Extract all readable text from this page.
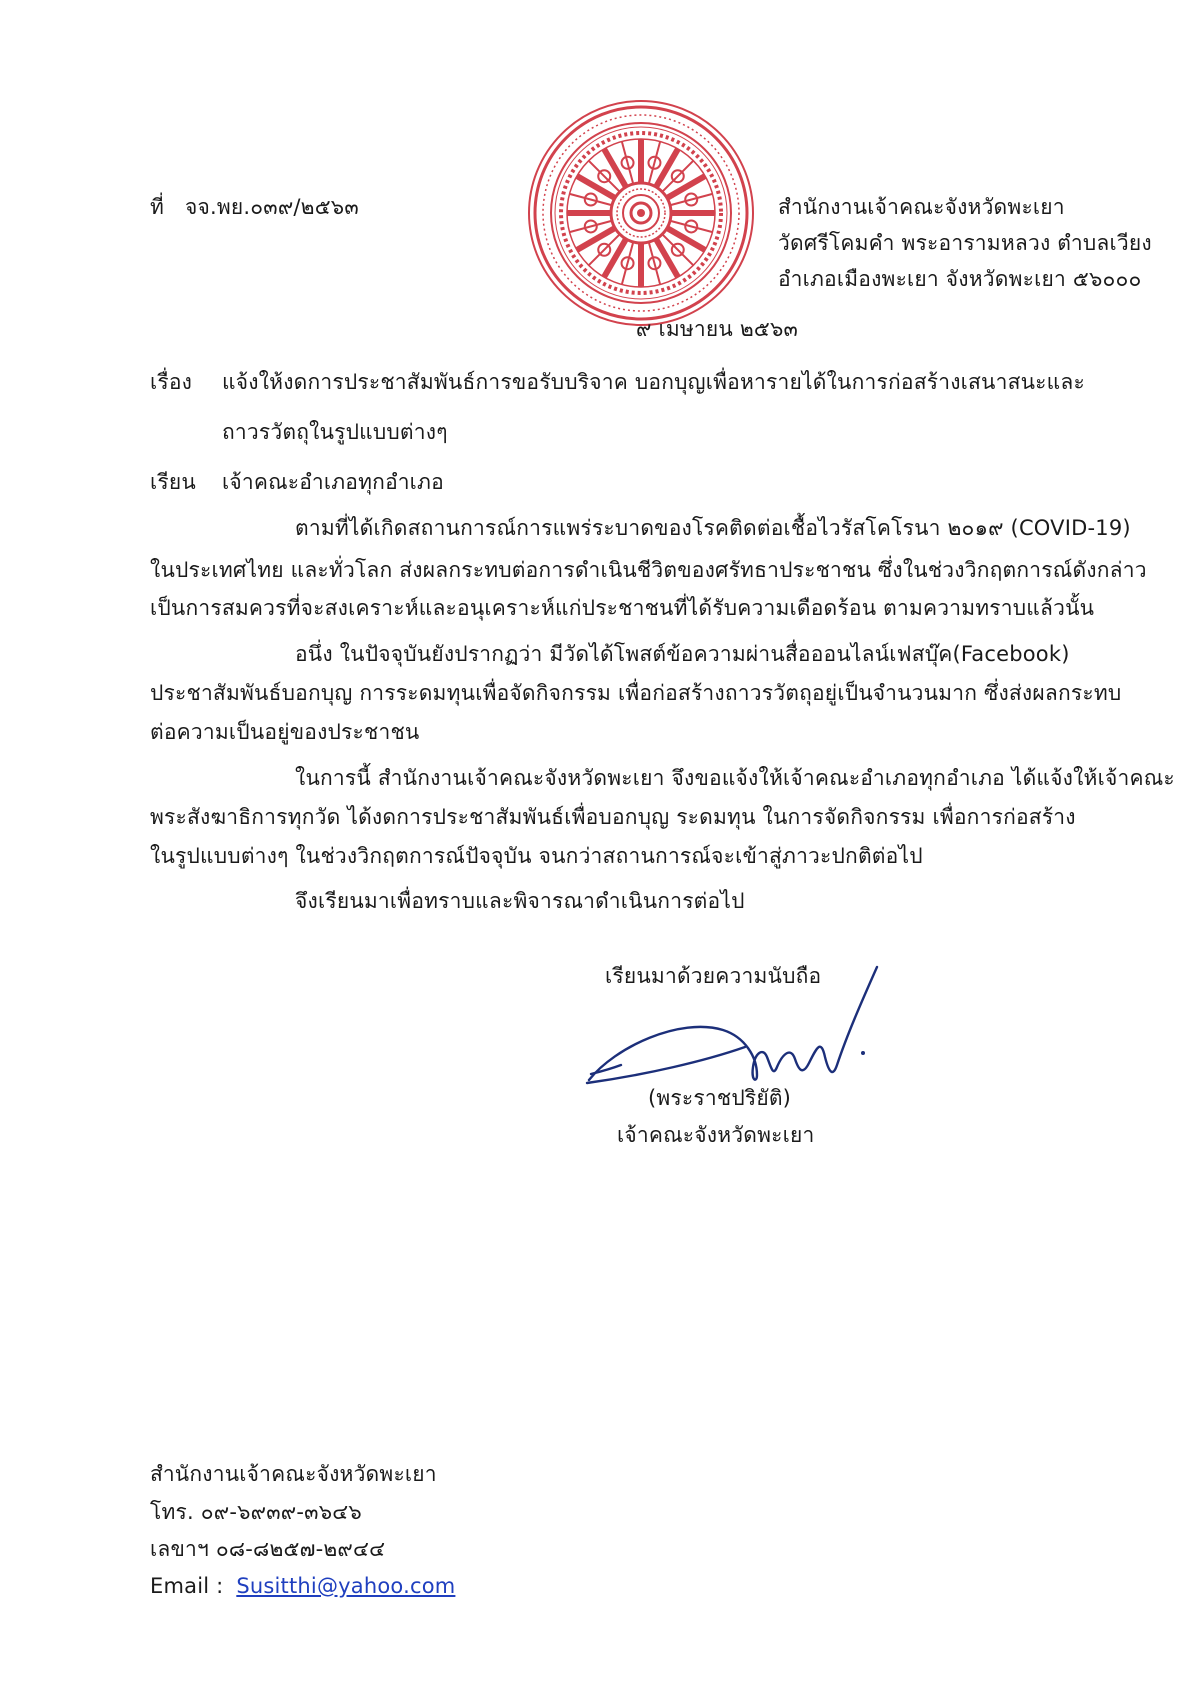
ที่ จจ.พย.๐๓๙/๒๕๖๓	สำนักงานเจ้าคณะจังหวัดพะเยา
วัดศรีโคมคำ พระอารามหลวง ตำบลเวียง
อำเภอเมืองพะเยา จังหวัดพะเยา ๕๖๐๐๐
๙ เมษายน ๒๕๖๓
เรื่อง แจ้งให้งดการประชาสัมพันธ์การขอรับบริจาค บอกบุญเพื่อหารายได้ในการก่อสร้างเสนาสนะและ
ถาวรวัตถุในรูปแบบต่างๆ
เรียน เจ้าคณะอำเภอทุกอำเภอ
ตามที่ได้เกิดสถานการณ์การแพร่ระบาดของโรคติดต่อเชื้อไวรัสโคโรนา ๒๐๑๙ (COVID-19)
ในประเทศไทย และทั่วโลก ส่งผลกระทบต่อการดำเนินชีวิตของศรัทธาประชาชน ซึ่งในช่วงวิกฤตการณ์ดังกล่าว
เป็นการสมควรที่จะสงเคราะห์และอนุเคราะห์แก่ประชาชนที่ได้รับความเดือดร้อน ตามความทราบแล้วนั้น
อนึ่ง ในปัจจุบันยังปรากฏว่า มีวัดได้โพสต์ข้อความผ่านสื่อออนไลน์เฟสบุ๊ค(Facebook)
ประชาสัมพันธ์บอกบุญ การระดมทุนเพื่อจัดกิจกรรม เพื่อก่อสร้างถาวรวัตถุอยู่เป็นจำนวนมาก ซึ่งส่งผลกระทบ
ต่อความเป็นอยู่ของประชาชน
ในการนี้ สำนักงานเจ้าคณะจังหวัดพะเยา จึงขอแจ้งให้เจ้าคณะอำเภอทุกอำเภอ ได้แจ้งให้เจ้าคณะ
พระสังฆาธิการทุกวัด ได้งดการประชาสัมพันธ์เพื่อบอกบุญ ระดมทุน ในการจัดกิจกรรม เพื่อการก่อสร้าง
ในรูปแบบต่างๆ ในช่วงวิกฤตการณ์ปัจจุบัน จนกว่าสถานการณ์จะเข้าสู่ภาวะปกติต่อไป
จึงเรียนมาเพื่อทราบและพิจารณาดำเนินการต่อไป
เรียนมาด้วยความนับถือ
(พระราชปริยัติ)
เจ้าคณะจังหวัดพะเยา
สำนักงานเจ้าคณะจังหวัดพะเยา
โทร. ๐๙-๖๙๓๙-๓๖๔๖
เลขาฯ ๐๘-๘๒๕๗-๒๙๔๔
Email : Susitthi@yahoo.com
